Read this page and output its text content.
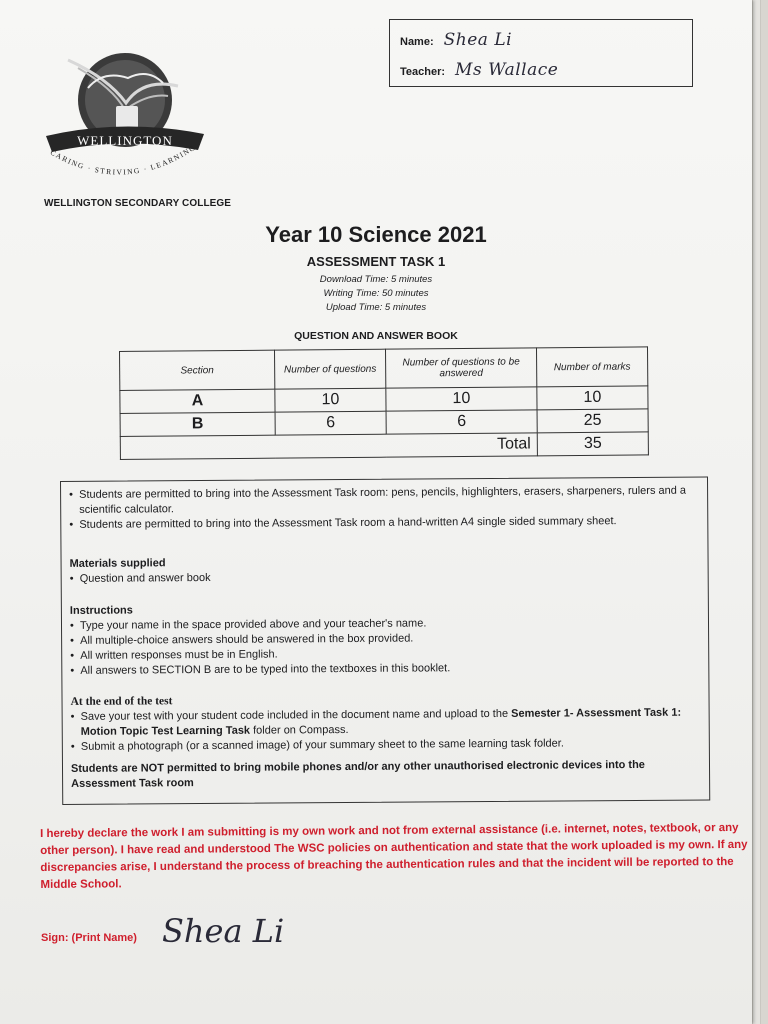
Name: Shea Li
Teacher: Ms Wallace
WELLINGTON
CARING · STRIVING · LEARNING
WELLINGTON SECONDARY COLLEGE
Year 10 Science 2021
ASSESSMENT TASK 1
Download Time: 5 minutes
Writing Time: 50 minutes
Upload Time: 5 minutes
QUESTION AND ANSWER BOOK
Section	Number of questions	Number of questions to be answered	Number of marks
A	10	10	10
B	6	6	25
Total			35
• Students are permitted to bring into the Assessment Task room: pens, pencils, highlighters, erasers, sharpeners, rulers and a scientific calculator.
• Students are permitted to bring into the Assessment Task room a hand-written A4 single sided summary sheet.
Materials supplied
• Question and answer book
Instructions
• Type your name in the space provided above and your teacher's name.
• All multiple-choice answers should be answered in the box provided.
• All written responses must be in English.
• All answers to SECTION B are to be typed into the textboxes in this booklet.
At the end of the test
• Save your test with your student code included in the document name and upload to the Semester 1- Assessment Task 1: Motion Topic Test Learning Task folder on Compass.
• Submit a photograph (or a scanned image) of your summary sheet to the same learning task folder.
Students are NOT permitted to bring mobile phones and/or any other unauthorised electronic devices into the Assessment Task room
I hereby declare the work I am submitting is my own work and not from external assistance (i.e. internet, notes, textbook, or any other person). I have read and understood The WSC policies on authentication and state that the work uploaded is my own. If any discrepancies arise, I understand the process of breaching the authentication rules and that the incident will be reported to the Middle School.
Sign: (Print Name) Shea Li
